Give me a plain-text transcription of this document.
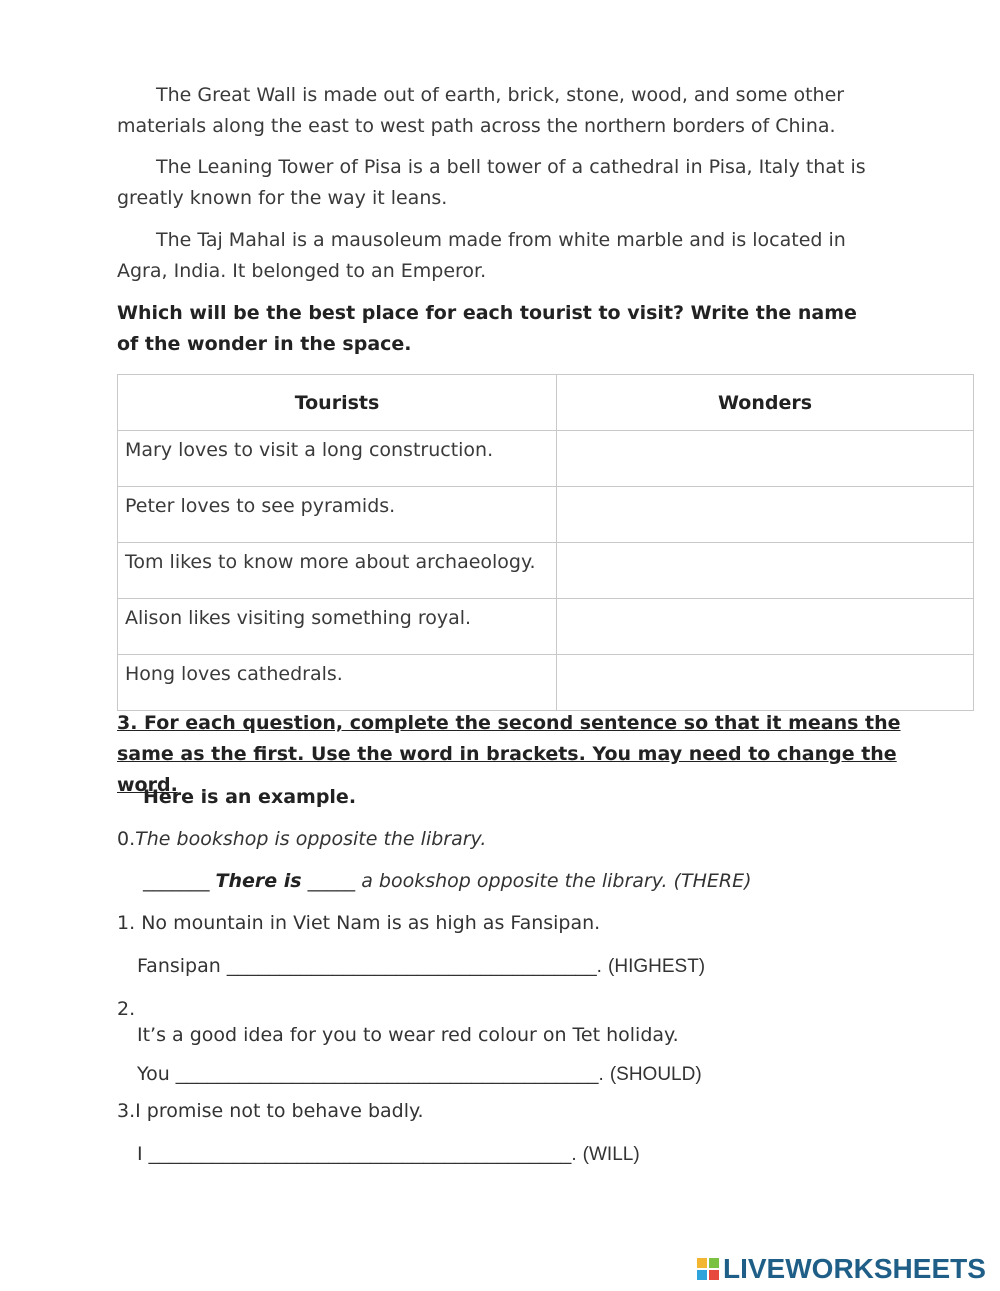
The Great Wall is made out of earth, brick, stone, wood, and some other materials along the east to west path across the northern borders of China.

The Leaning Tower of Pisa is a bell tower of a cathedral in Pisa, Italy that is greatly known for the way it leans.

The Taj Mahal is a mausoleum made from white marble and is located in Agra, India. It belonged to an Emperor.

Which will be the best place for each tourist to visit? Write the name of the wonder in the space.

Tourists	Wonders
Mary loves to visit a long construction.	
Peter loves to see pyramids.	
Tom likes to know more about archaeology.	
Alison likes visiting something royal.	
Hong loves cathedrals.	

3. For each question, complete the second sentence so that it means the same as the first. Use the word in brackets. You may need to change the word.

Here is an example.

0.The bookshop is opposite the library.

_______ There is _____ a bookshop opposite the library. (THERE)

1. No mountain in Viet Nam is as high as Fansipan.

Fansipan ___________________________________. (HIGHEST)

2.

It’s a good idea for you to wear red colour on Tet holiday.

You ________________________________________. (SHOULD)

3.I promise not to behave badly.

I ________________________________________. (WILL)

LIVEWORKSHEETS
